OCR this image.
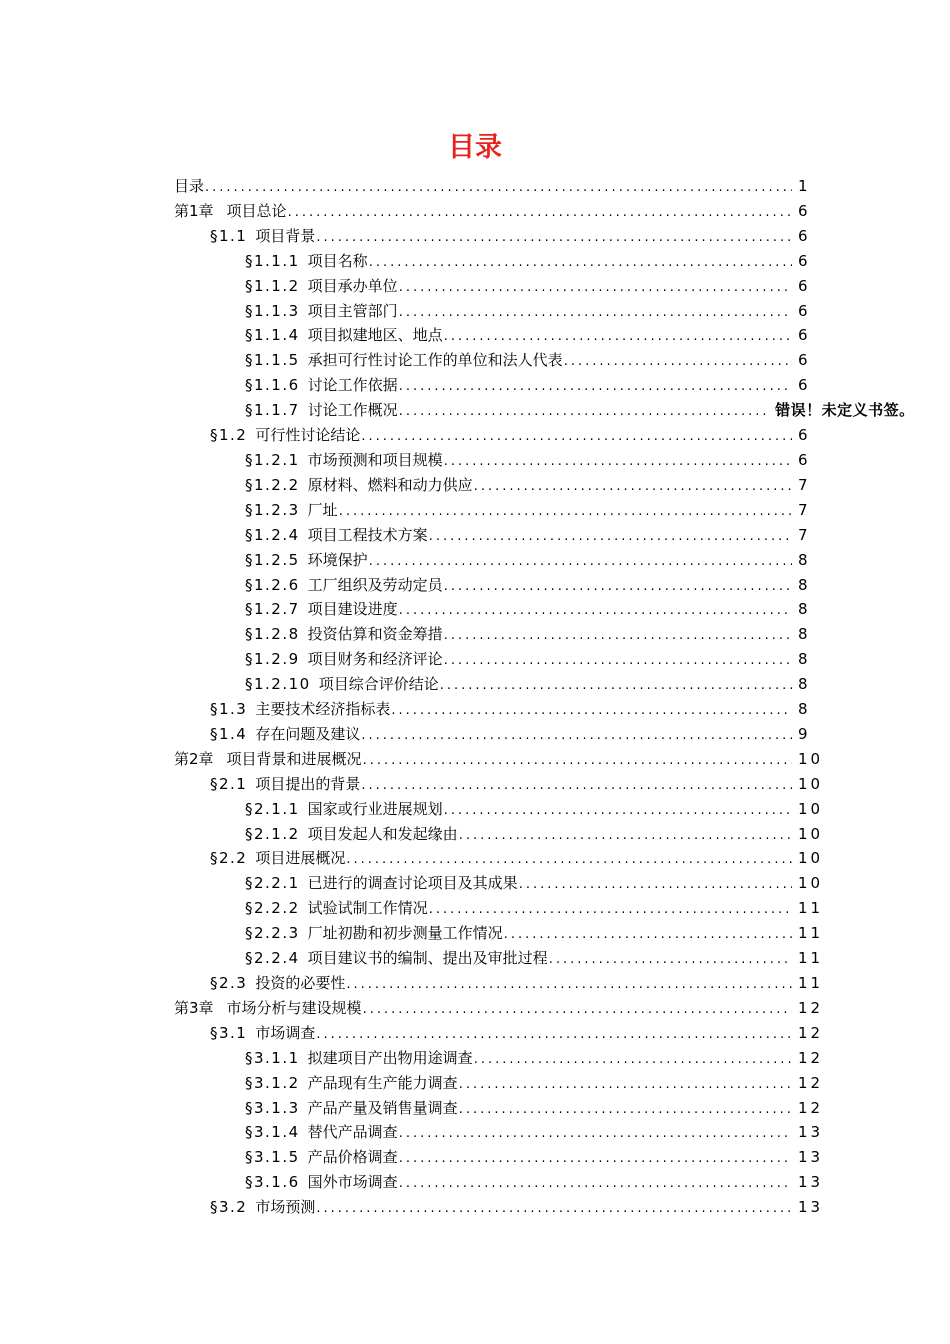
目录
目录 .....	1
第1章 项目总论 .....	6
§1.1 项目背景 .....	6
§1.1.1 项目名称 .....	6
§1.1.2 项目承办单位 .....	6
§1.1.3 项目主管部门 .....	6
§1.1.4 项目拟建地区、地点 .....	6
§1.1.5 承担可行性讨论工作的单位和法人代表 .....	6
§1.1.6 讨论工作依据 .....	6
§1.1.7 讨论工作概况 .....	错误！未定义书签。
§1.2 可行性讨论结论 .....	6
§1.2.1 市场预测和项目规模 .....	6
§1.2.2 原材料、燃料和动力供应 .....	7
§1.2.3 厂址 .....	7
§1.2.4 项目工程技术方案 .....	7
§1.2.5 环境保护 .....	8
§1.2.6 工厂组织及劳动定员 .....	8
§1.2.7 项目建设进度 .....	8
§1.2.8 投资估算和资金筹措 .....	8
§1.2.9 项目财务和经济评论 .....	8
§1.2.10 项目综合评价结论 .....	8
§1.3 主要技术经济指标表 .....	8
§1.4 存在问题及建议 .....	9
第2章 项目背景和进展概况 .....	10
§2.1 项目提出的背景 .....	10
§2.1.1 国家或行业进展规划 .....	10
§2.1.2 项目发起人和发起缘由 .....	10
§2.2 项目进展概况 .....	10
§2.2.1 已进行的调查讨论项目及其成果 .....	10
§2.2.2 试验试制工作情况 .....	11
§2.2.3 厂址初勘和初步测量工作情况 .....	11
§2.2.4 项目建议书的编制、提出及审批过程 .....	11
§2.3 投资的必要性 .....	11
第3章 市场分析与建设规模 .....	12
§3.1 市场调查 .....	12
§3.1.1 拟建项目产出物用途调查 .....	12
§3.1.2 产品现有生产能力调查 .....	12
§3.1.3 产品产量及销售量调查 .....	12
§3.1.4 替代产品调查 .....	13
§3.1.5 产品价格调查 .....	13
§3.1.6 国外市场调查 .....	13
§3.2 市场预测 .....	13
